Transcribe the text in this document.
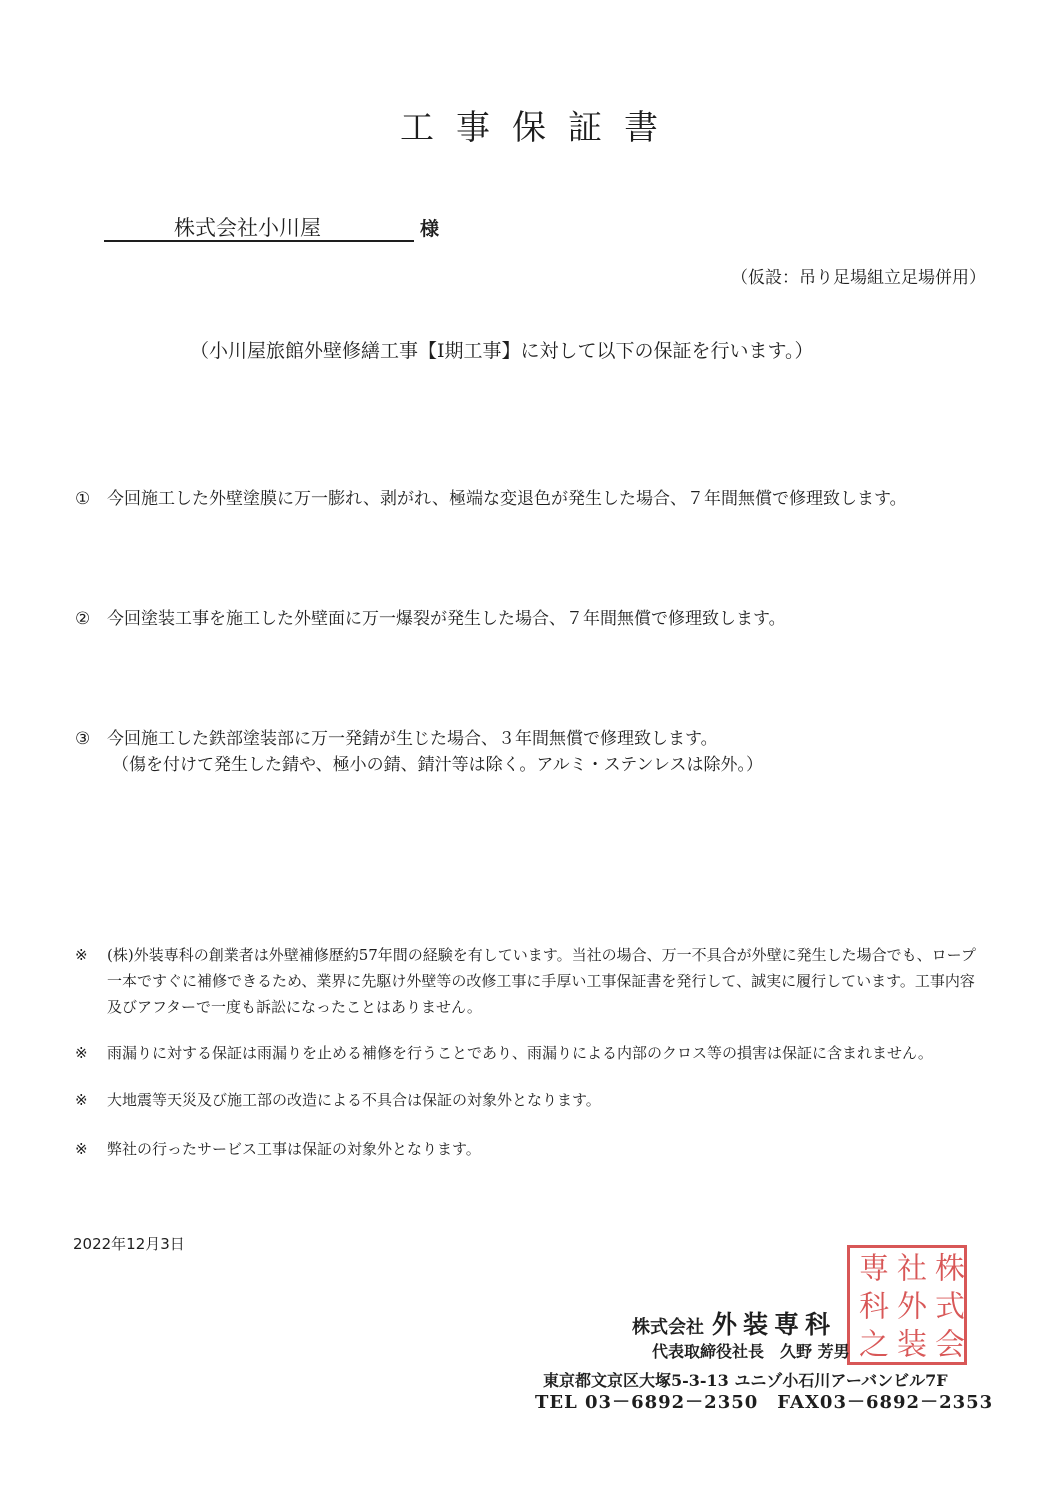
工事保証書
株式会社小川屋	様
（仮設：吊り足場組立足場併用）
（小川屋旅館外壁修繕工事【Ⅰ期工事】に対して以下の保証を行います。）
① 今回施工した外壁塗膜に万一膨れ、剥がれ、極端な変退色が発生した場合、７年間無償で修理致します。
② 今回塗装工事を施工した外壁面に万一爆裂が発生した場合、７年間無償で修理致します。
③ 今回施工した鉄部塗装部に万一発錆が生じた場合、３年間無償で修理致します。
（傷を付けて発生した錆や、極小の錆、錆汁等は除く。アルミ・ステンレスは除外。）
※ (株)外装専科の創業者は外壁補修歴約57年間の経験を有しています。当社の場合、万一不具合が外壁に発生した場合でも、ロープ一本ですぐに補修できるため、業界に先駆け外壁等の改修工事に手厚い工事保証書を発行して、誠実に履行しています。工事内容及びアフターで一度も訴訟になったことはありません。
※ 雨漏りに対する保証は雨漏りを止める補修を行うことであり、雨漏りによる内部のクロス等の損害は保証に含まれません。
※ 大地震等天災及び施工部の改造による不具合は保証の対象外となります。
※ 弊社の行ったサービス工事は保証の対象外となります。
2022年12月3日
株
式
会
社
外
装
専
科
之
株式会社 外装専科
代表取締役社長　久野 芳男
東京都文京区大塚5-3-13 ユニゾ小石川アーバンビル7F
TEL 03－6892－2350　FAX03－6892－2353
